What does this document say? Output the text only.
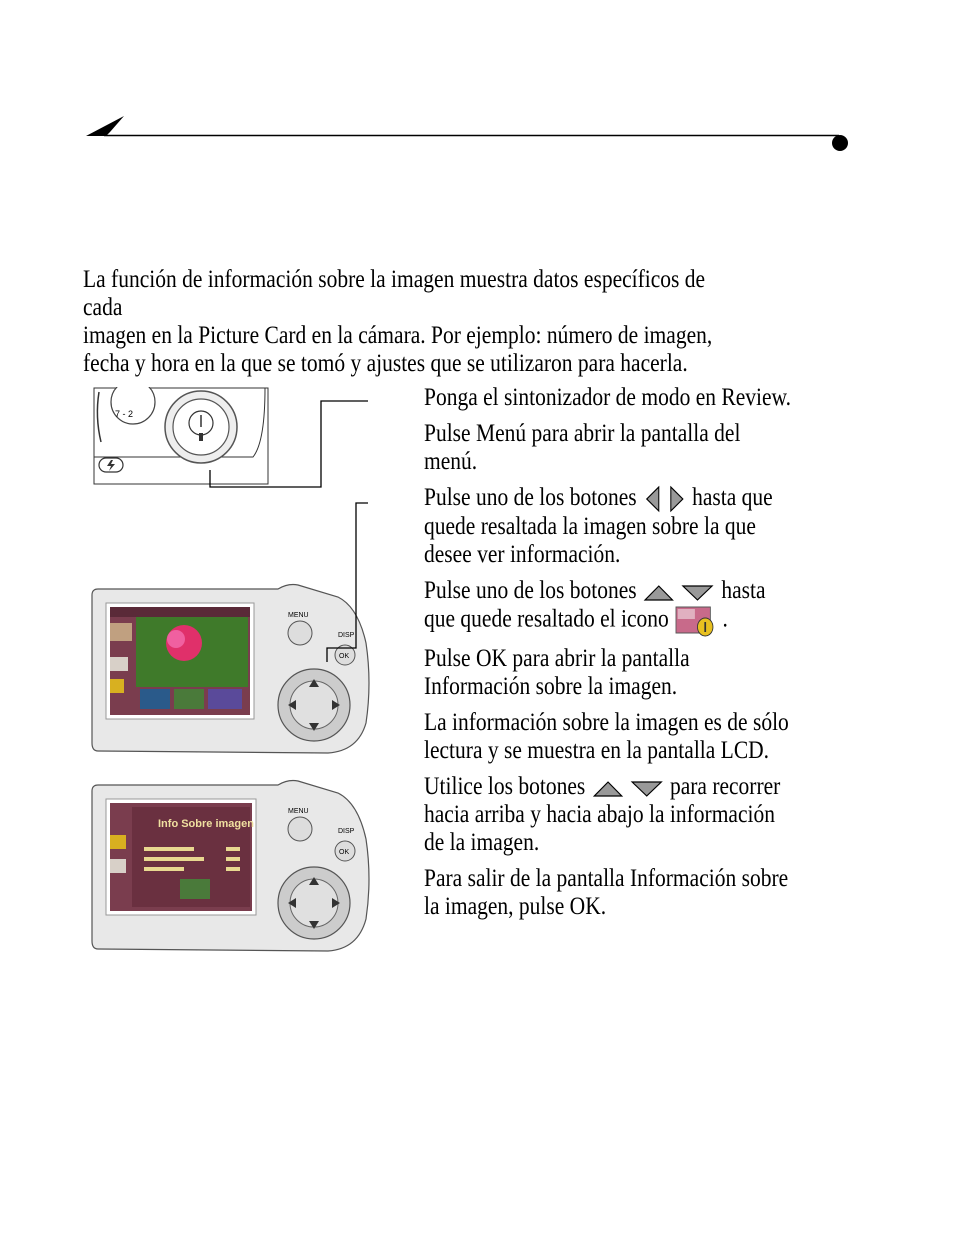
La función de información sobre la imagen muestra datos específicos de cada

imagen en la Picture Card en la cámara. Por ejemplo: número de imagen,

fecha y hora en la que se tomó y ajustes que se utilizaron para hacerla.

7 - 2
MENU
OK
DISP
Info Sobre imagen
MENU
OK
DISP
Ponga el sintonizador de modo en Review.
Pulse Menú para abrir la pantalla del
menú.
Pulse uno de los botones hasta que
quede resaltada la imagen sobre la que
desee ver información.
Pulse uno de los botones	hasta
que quede resaltado el icono .
Pulse OK para abrir la pantalla
Información sobre la imagen.
La información sobre la imagen es de sólo
lectura y se muestra en la pantalla LCD.
Utilice los botones	para recorrer
hacia arriba y hacia abajo la información
de la imagen.
Para salir de la pantalla Información sobre
la imagen, pulse OK.
